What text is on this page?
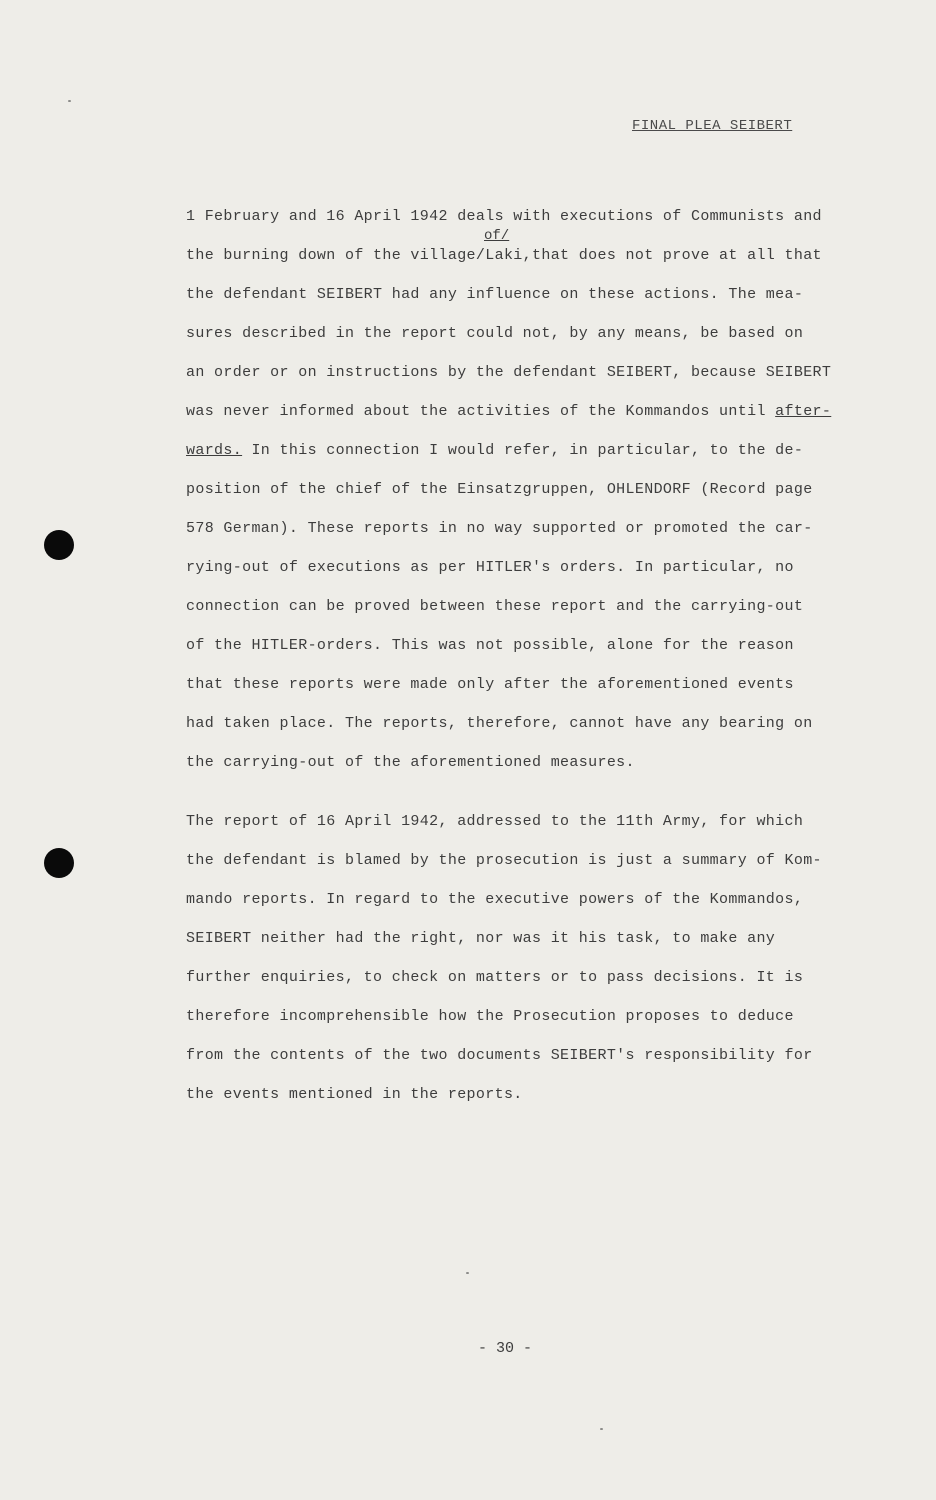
FINAL PLEA SEIBERT
of/
1 February and 16 April 1942 deals with executions of Communists and
the burning down of the village/Laki,that does not prove at all that
the defendant SEIBERT had any influence on these actions. The mea-
sures described in the report could not, by any means, be based on
an order or on instructions by the defendant SEIBERT, because SEIBERT
was never informed about the activities of the Kommandos until after-
wards. In this connection I would refer, in particular, to the de-
position of the chief of the Einsatzgruppen, OHLENDORF (Record page
578 German). These reports in no way supported or promoted the car-
rying-out of executions as per HITLER's orders. In particular, no
connection can be proved between these report and the carrying-out
of the HITLER-orders. This was not possible, alone for the reason
that these reports were made only after the aforementioned events
had taken place. The reports, therefore, cannot have any bearing on
the carrying-out of the aforementioned measures.
The report of 16 April 1942, addressed to the 11th Army, for which
the defendant is blamed by the prosecution is just a summary of Kom-
mando reports. In regard to the executive powers of the Kommandos,
SEIBERT neither had the right, nor was it his task, to make any
further enquiries, to check on matters or to pass decisions. It is
therefore incomprehensible how the Prosecution proposes to deduce
from the contents of the two documents SEIBERT's responsibility for
the events mentioned in the reports.
- 30 -
